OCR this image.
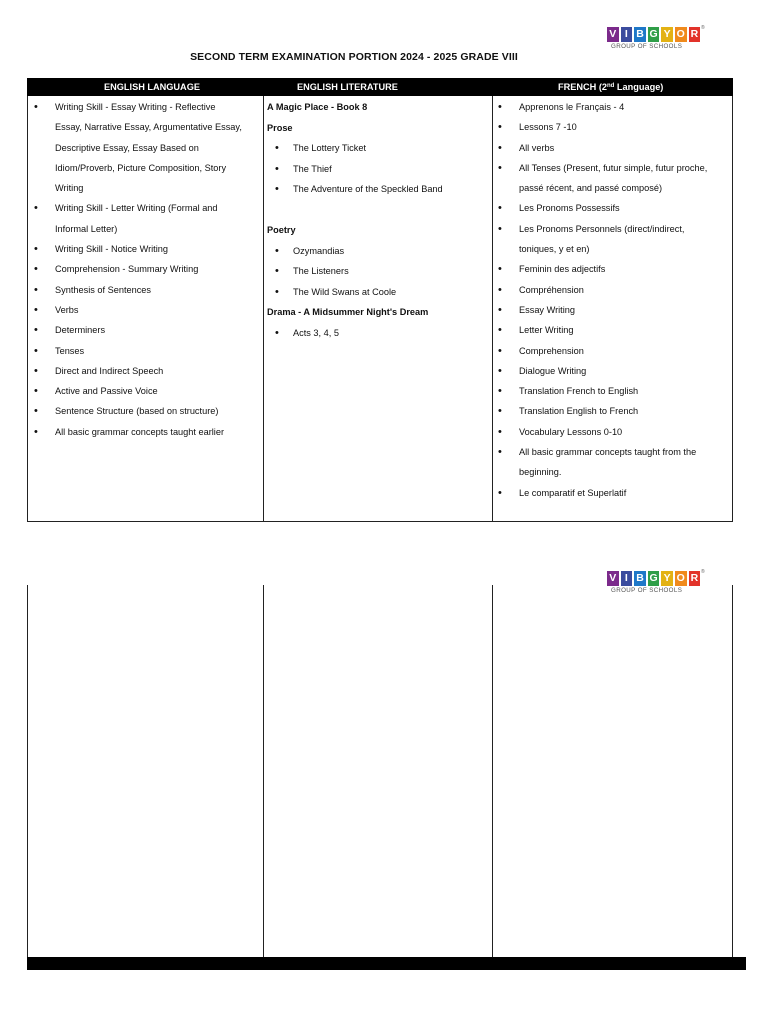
V I B G Y O R
GROUP OF SCHOOLS
®
SECOND TERM EXAMINATION PORTION 2024 - 2025 GRADE VIII
ENGLISH LANGUAGE	ENGLISH LITERATURE	FRENCH (2nd Language)
• Writing Skill - Essay Writing - Reflective
Essay, Narrative Essay, Argumentative Essay,
Descriptive Essay, Essay Based on
Idiom/Proverb, Picture Composition, Story
Writing
• Writing Skill - Letter Writing (Formal and
Informal Letter)
• Writing Skill - Notice Writing
• Comprehension - Summary Writing
• Synthesis of Sentences
• Verbs
• Determiners
• Tenses
• Direct and Indirect Speech
• Active and Passive Voice
• Sentence Structure (based on structure)
• All basic grammar concepts taught earlier
A Magic Place - Book 8
Prose
• The Lottery Ticket
• The Thief
• The Adventure of the Speckled Band
Poetry
• Ozymandias
• The Listeners
• The Wild Swans at Coole
Drama - A Midsummer Night's Dream
• Acts 3, 4, 5
• Apprenons le Français - 4
• Lessons 7 -10
• All verbs
• All Tenses (Present, futur simple, futur proche,
passé récent, and passé composé)
• Les Pronoms Possessifs
• Les Pronoms Personnels (direct/indirect,
toniques, y et en)
• Feminin des adjectifs
• Compréhension
• Essay Writing
• Letter Writing
• Comprehension
• Dialogue Writing
• Translation French to English
• Translation English to French
• Vocabulary Lessons 0-10
• All basic grammar concepts taught from the
beginning.
• Le comparatif et Superlatif
V I B G Y O R
GROUP OF SCHOOLS
®
